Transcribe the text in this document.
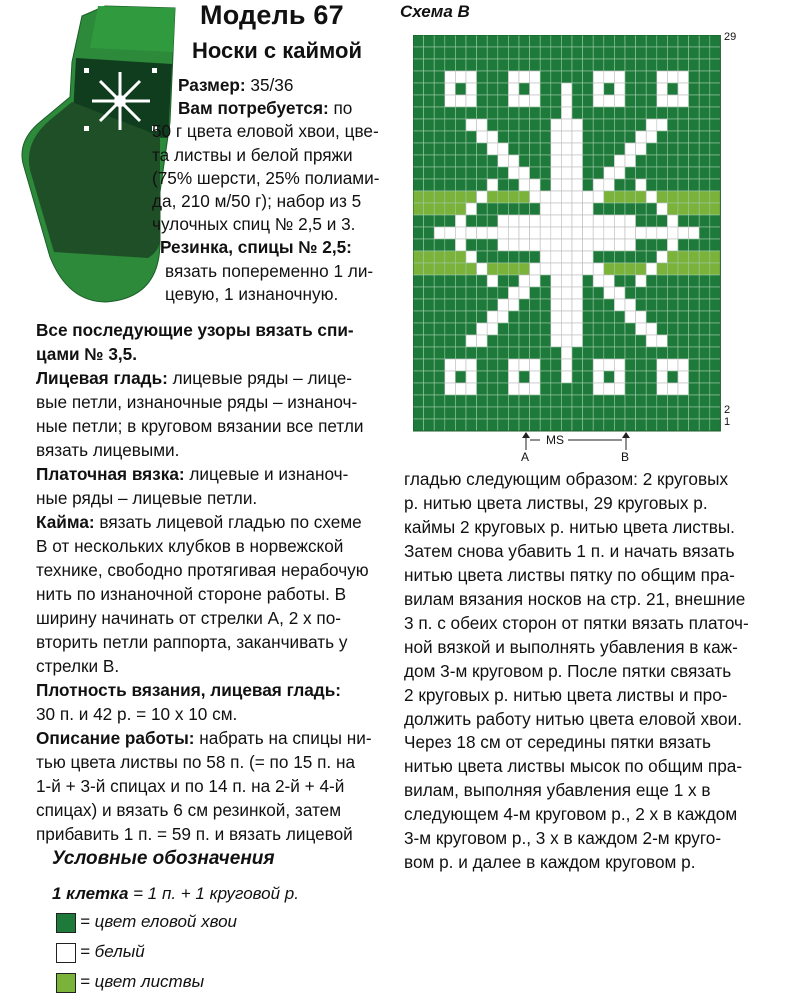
Модель 67
Носки с каймой
Схема В
Размер: 35/36
Вам потребуется: по
50 г цвета еловой хвои, цве-
та листвы и белой пряжи
(75% шерсти, 25% полиами-
да, 210 м/50 г); набор из 5
чулочных спиц № 2,5 и 3.
Резинка, спицы № 2,5:
вязать попеременно 1 ли-
цевую, 1 изнаночную.
Все последующие узоры вязать спи-
цами № 3,5.
Лицевая гладь: лицевые ряды – лице-
вые петли, изнаночные ряды – изнаноч-
ные петли; в круговом вязании все петли
вязать лицевыми.
Платочная вязка: лицевые и изнаноч-
ные ряды – лицевые петли.
Кайма: вязать лицевой гладью по схеме
В от нескольких клубков в норвежской
технике, свободно протягивая нерабочую
нить по изнаночной стороне работы. В
ширину начинать от стрелки А, 2 х по-
вторить петли раппорта, заканчивать у
стрелки В.
Плотность вязания, лицевая гладь:
30 п. и 42 р. = 10 х 10 см.
Описание работы: набрать на спицы ни-
тью цвета листвы по 58 п. (= по 15 п. на
1-й + 3-й спицах и по 14 п. на 2-й + 4-й
спицах) и вязать 6 см резинкой, затем
прибавить 1 п. = 59 п. и вязать лицевой
гладью следующим образом: 2 круговых
р. нитью цвета листвы, 29 круговых р.
каймы 2 круговых р. нитью цвета листвы.
Затем снова убавить 1 п. и начать вязать
нитью цвета листвы пятку по общим пра-
вилам вязания носков на стр. 21, внешние
3 п. с обеих сторон от пятки вязать платоч-
ной вязкой и выполнять убавления в каж-
дом 3-м круговом р. После пятки связать
2 круговых р. нитью цвета листвы и про-
должить работу нитью цвета еловой хвои.
Через 18 см от середины пятки вязать
нитью цвета листвы мысок по общим пра-
вилам, выполняя убавления еще 1 х в
следующем 4-м круговом р., 2 х в каждом
3-м круговом р., 3 х в каждом 2-м круго-
вом р. и далее в каждом круговом р.
29
2
1
MS
A	B
Условные обозначения
1 клетка = 1 п. + 1 круговой р.
= цвет еловой хвои
= белый
= цвет листвы
